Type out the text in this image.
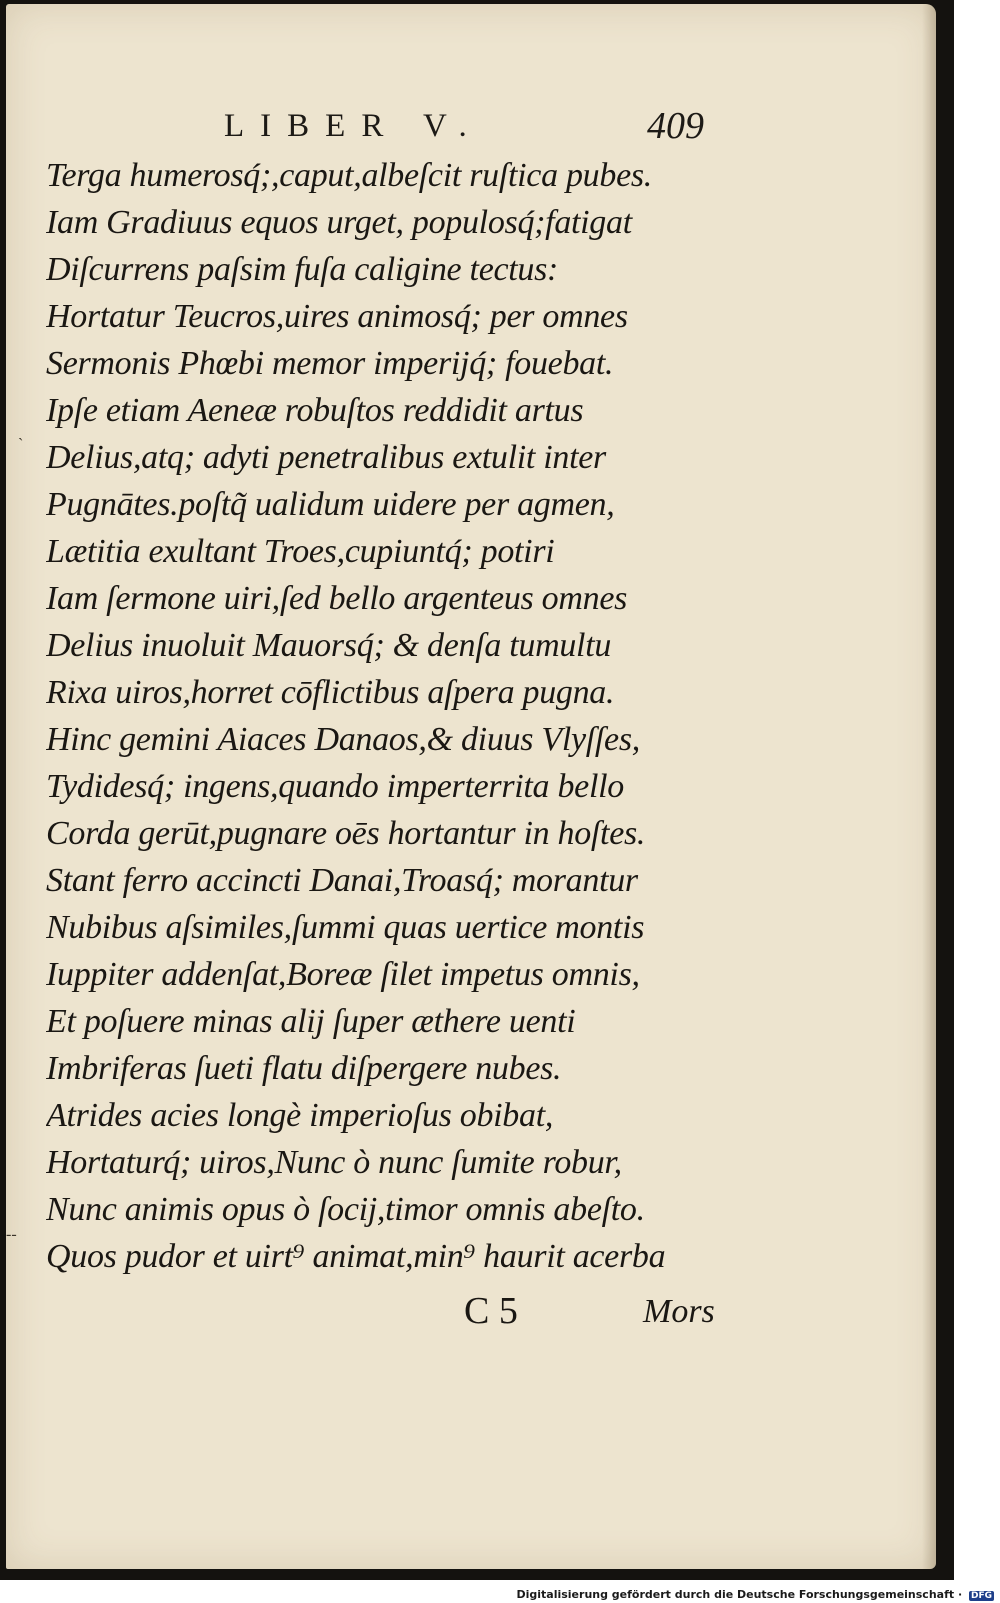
LIBER V.	409
`
--
Terga humerosq́;,caput,albeſcit ruſtica pubes.
Iam Gradiuus equos urget, populosq́;fatigat
Diſcurrens paſsim fuſa caligine tectus:
Hortatur Teucros,uires animosq́; per omnes
Sermonis Phœbi memor imperijq́; fouebat.
Ipſe etiam Aeneæ robuſtos reddidit artus
Delius,atq; adyti penetralibus extulit inter
Pugnātes.poſtq̃ ualidum uidere per agmen,
Lætitia exultant Troes,cupiuntq́; potiri
Iam ſermone uiri,ſed bello argenteus omnes
Delius inuoluit Mauorsq́; & denſa tumultu
Rixa uiros,horret cōflictibus aſpera pugna.
Hinc gemini Aiaces Danaos,& diuus Vlyſſes,
Tydidesq́; ingens,quando imperterrita bello
Corda gerūt,pugnare oēs hortantur in hoſtes.
Stant ferro accincti Danai,Troasq́; morantur
Nubibus aſsimiles,ſummi quas uertice montis
Iuppiter addenſat,Boreæ ſilet impetus omnis,
Et poſuere minas alij ſuper æthere uenti
Imbriferas ſueti flatu diſpergere nubes.
Atrides acies longè imperioſus obibat,
Hortaturq́; uiros,Nunc ò nunc ſumite robur,
Nunc animis opus ò ſocij,timor omnis abeſto.
Quos pudor et uirt⁹ animat,min⁹ haurit acerba
C 5	Mors
Digitalisierung gefördert durch die Deutsche Forschungsgemeinschaft · DFG
